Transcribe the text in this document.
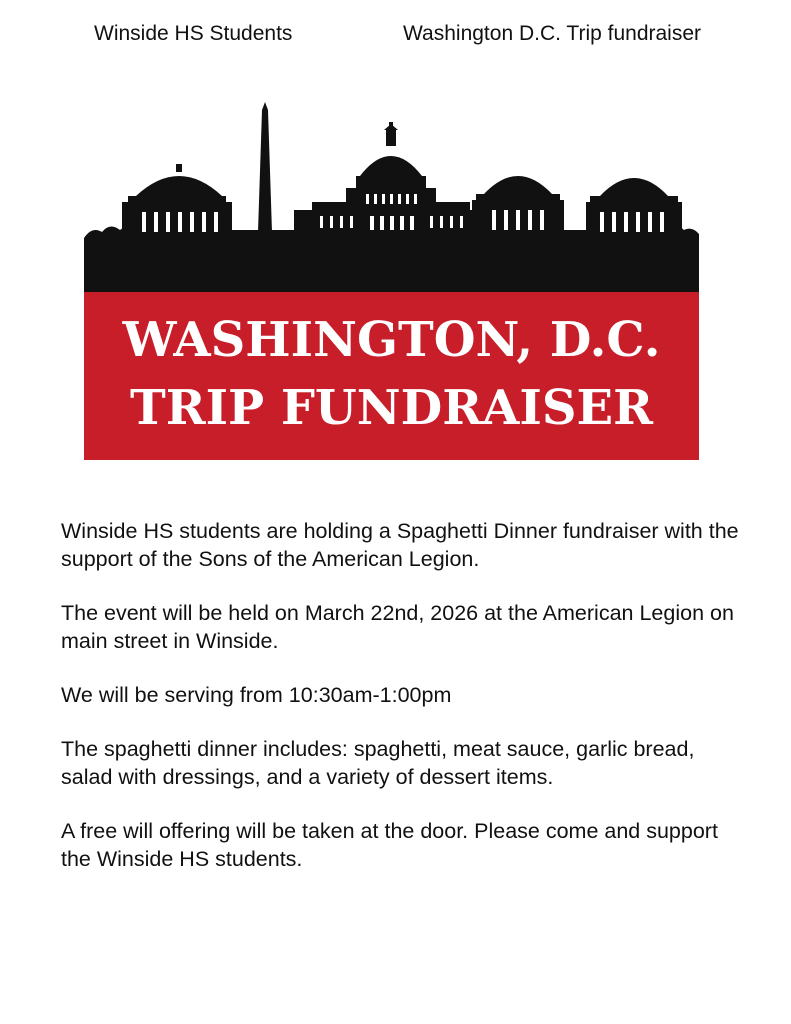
Winside HS Students	Washington D.C. Trip fundraiser
WASHINGTON, D.C.
TRIP FUNDRAISER

Winside HS students are holding a Spaghetti Dinner fundraiser with the support of the Sons of the American Legion.

The event will be held on March 22nd, 2026 at the American Legion on main street in Winside.

We will be serving from 10:30am-1:00pm

The spaghetti dinner includes: spaghetti, meat sauce, garlic bread, salad with dressings, and a variety of dessert items.

A free will offering will be taken at the door. Please come and support the Winside HS students.
